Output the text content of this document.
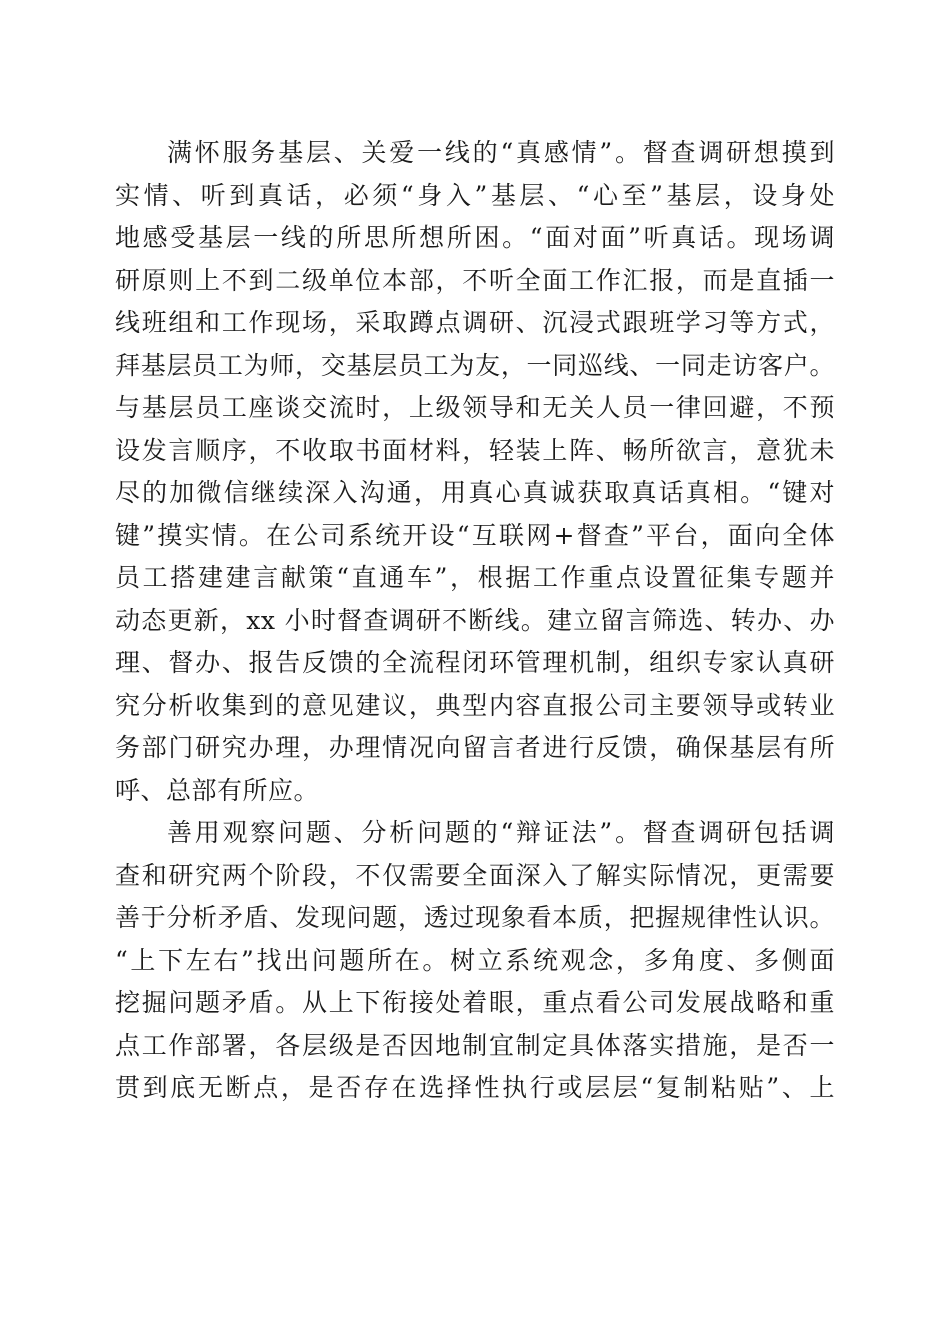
满怀服务基层、关爱一线的“真感情”。督查调研想摸到
实情、听到真话，必须“身入”基层、“心至”基层，设身处
地感受基层一线的所思所想所困。“面对面”听真话。现场调
研原则上不到二级单位本部，不听全面工作汇报，而是直插一
线班组和工作现场，采取蹲点调研、沉浸式跟班学习等方式，
拜基层员工为师，交基层员工为友，一同巡线、一同走访客户。
与基层员工座谈交流时，上级领导和无关人员一律回避，不预
设发言顺序，不收取书面材料，轻装上阵、畅所欲言，意犹未
尽的加微信继续深入沟通，用真心真诚获取真话真相。“键对
键”摸实情。在公司系统开设“互联网+督查”平台，面向全体
员工搭建建言献策“直通车”，根据工作重点设置征集专题并
动态更新，xx 小时督查调研不断线。建立留言筛选、转办、办
理、督办、报告反馈的全流程闭环管理机制，组织专家认真研
究分析收集到的意见建议，典型内容直报公司主要领导或转业
务部门研究办理，办理情况向留言者进行反馈，确保基层有所
呼、总部有所应。
善用观察问题、分析问题的“辩证法”。督查调研包括调
查和研究两个阶段，不仅需要全面深入了解实际情况，更需要
善于分析矛盾、发现问题，透过现象看本质，把握规律性认识。
“上下左右”找出问题所在。树立系统观念，多角度、多侧面
挖掘问题矛盾。从上下衔接处着眼，重点看公司发展战略和重
点工作部署，各层级是否因地制宜制定具体落实措施，是否一
贯到底无断点，是否存在选择性执行或层层“复制粘贴”、上
